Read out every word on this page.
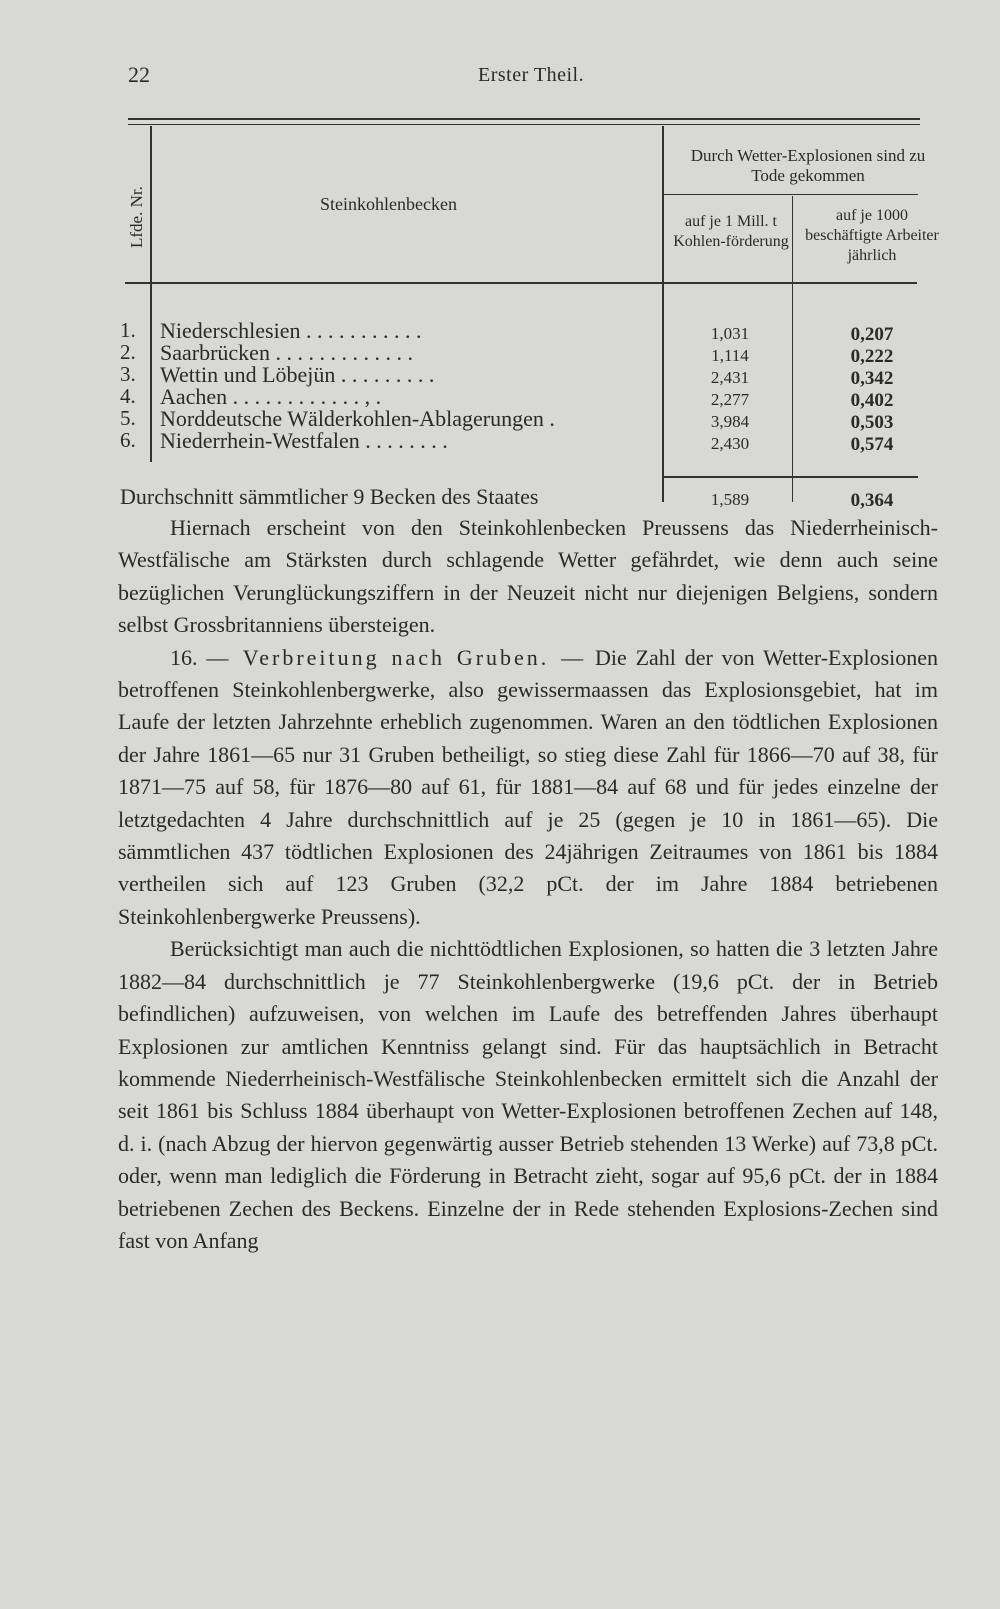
22	Erster Theil.
Lfde. Nr.	Steinkohlenbecken
Durch Wetter-Explosionen sind zu Tode gekommen
auf je 1 Mill. t Kohlen-förderung
auf je 1000 beschäftigte Arbeiter jährlich
1.	Niederschlesien . . . . . . . . . . .	1,031	0,207
2.	Saarbrücken . . . . . . . . . . . . .	1,114	0,222
3.	Wettin und Löbejün . . . . . . . . .	2,431	0,342
4.	Aachen . . . . . . . . . . . . , .	2,277	0,402
5.	Norddeutsche Wälderkohlen-Ablagerungen .	3,984	0,503
6.	Niederrhein-Westfalen . . . . . . . .	2,430	0,574
Durchschnitt sämmtlicher 9 Becken des Staates	1,589	0,364

Hiernach erscheint von den Steinkohlenbecken Preussens das Niederrheinisch-Westfälische am Stärksten durch schlagende Wetter gefährdet, wie denn auch seine bezüglichen Verunglückungsziffern in der Neuzeit nicht nur diejenigen Belgiens, sondern selbst Grossbritanniens übersteigen.

16. — Verbreitung nach Gruben. — Die Zahl der von Wetter-Explosionen betroffenen Steinkohlenbergwerke, also gewissermaassen das Explosionsgebiet, hat im Laufe der letzten Jahrzehnte erheblich zugenommen. Waren an den tödtlichen Explosionen der Jahre 1861—65 nur 31 Gruben betheiligt, so stieg diese Zahl für 1866—70 auf 38, für 1871—75 auf 58, für 1876—80 auf 61, für 1881—84 auf 68 und für jedes einzelne der letztgedachten 4 Jahre durchschnittlich auf je 25 (gegen je 10 in 1861—65). Die sämmtlichen 437 tödtlichen Explosionen des 24jährigen Zeitraumes von 1861 bis 1884 vertheilen sich auf 123 Gruben (32,2 pCt. der im Jahre 1884 betriebenen Steinkohlenbergwerke Preussens).

Berücksichtigt man auch die nichttödtlichen Explosionen, so hatten die 3 letzten Jahre 1882—84 durchschnittlich je 77 Steinkohlenbergwerke (19,6 pCt. der in Betrieb befindlichen) aufzuweisen, von welchen im Laufe des betreffenden Jahres überhaupt Explosionen zur amtlichen Kenntniss gelangt sind. Für das hauptsächlich in Betracht kommende Niederrheinisch-Westfälische Steinkohlenbecken ermittelt sich die Anzahl der seit 1861 bis Schluss 1884 überhaupt von Wetter-Explosionen betroffenen Zechen auf 148, d. i. (nach Abzug der hiervon gegenwärtig ausser Betrieb stehenden 13 Werke) auf 73,8 pCt. oder, wenn man lediglich die Förderung in Betracht zieht, sogar auf 95,6 pCt. der in 1884 betriebenen Zechen des Beckens. Einzelne der in Rede stehenden Explosions-Zechen sind fast von Anfang
